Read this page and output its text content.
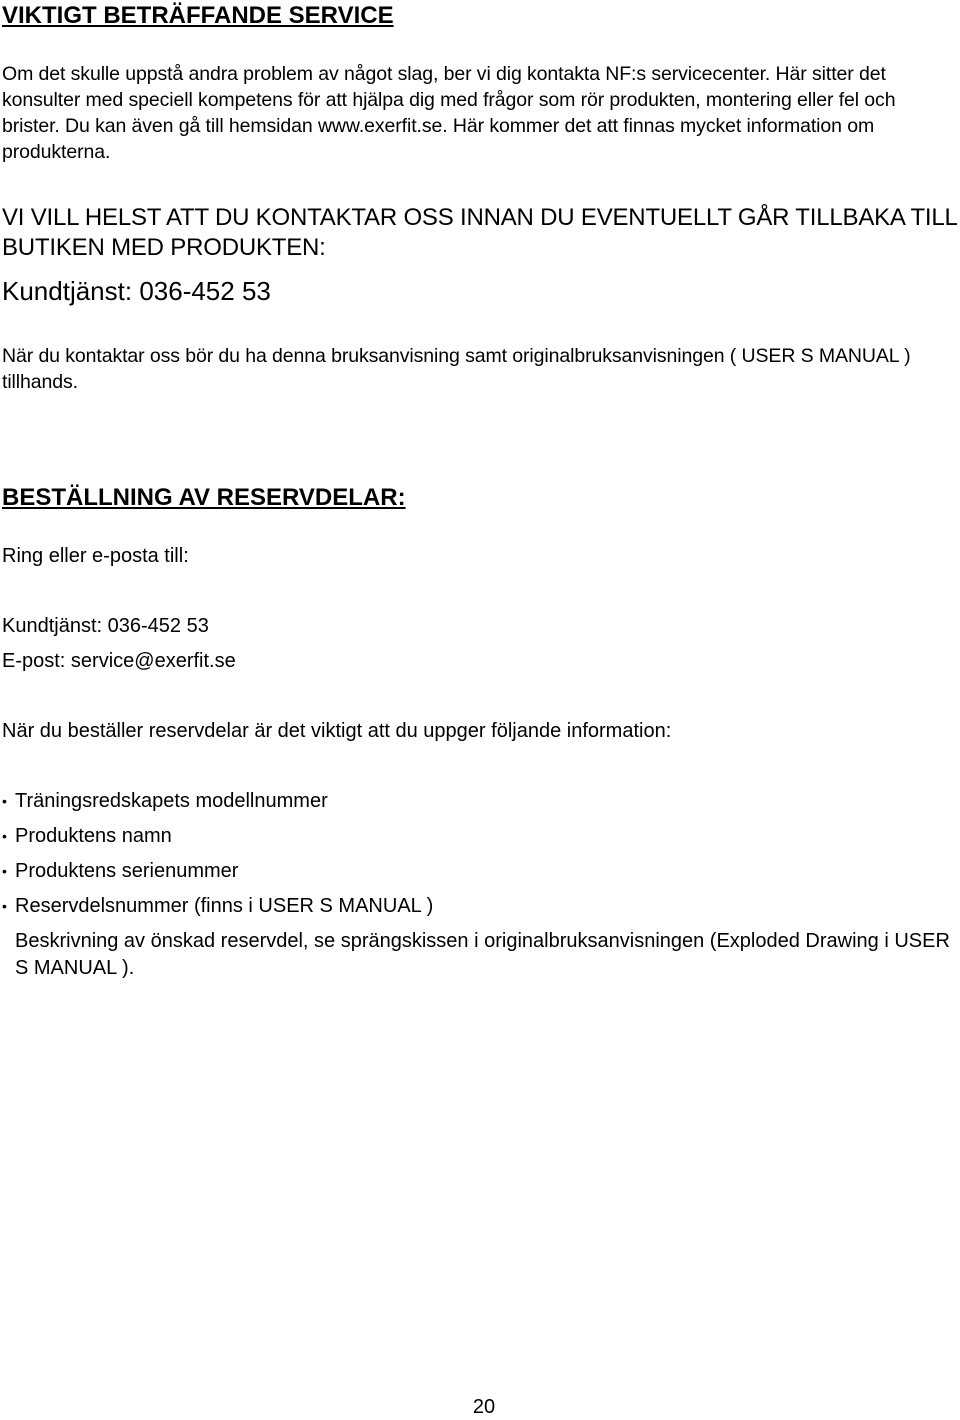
VIKTIGT BETRÄFFANDE SERVICE

Om det skulle uppstå andra problem av något slag, ber vi dig kontakta NF:s servicecenter. Här sitter det konsulter med speciell kompetens för att hjälpa dig med frågor som rör produkten, montering eller fel och brister. Du kan även gå till hemsidan www.exerfit.se. Här kommer det att finnas mycket information om produkterna.

VI VILL HELST ATT DU KONTAKTAR OSS INNAN DU EVENTUELLT GÅR TILLBAKA TILL BUTIKEN MED PRODUKTEN:

Kundtjänst: 036-452 53

När du kontaktar oss bör du ha denna bruksanvisning samt originalbruksanvisningen ( USER S MANUAL ) tillhands.

BESTÄLLNING AV RESERVDELAR:

Ring eller e-posta till:

Kundtjänst: 036-452 53

E-post: service@exerfit.se

När du beställer reservdelar är det viktigt att du uppger följande information:

• Träningsredskapets modellnummer
• Produktens namn
• Produktens serienummer
• Reservdelsnummer (finns i USER S MANUAL )
Beskrivning av önskad reservdel, se sprängskissen i originalbruksanvisningen (Exploded Drawing i USER S MANUAL ).
20
